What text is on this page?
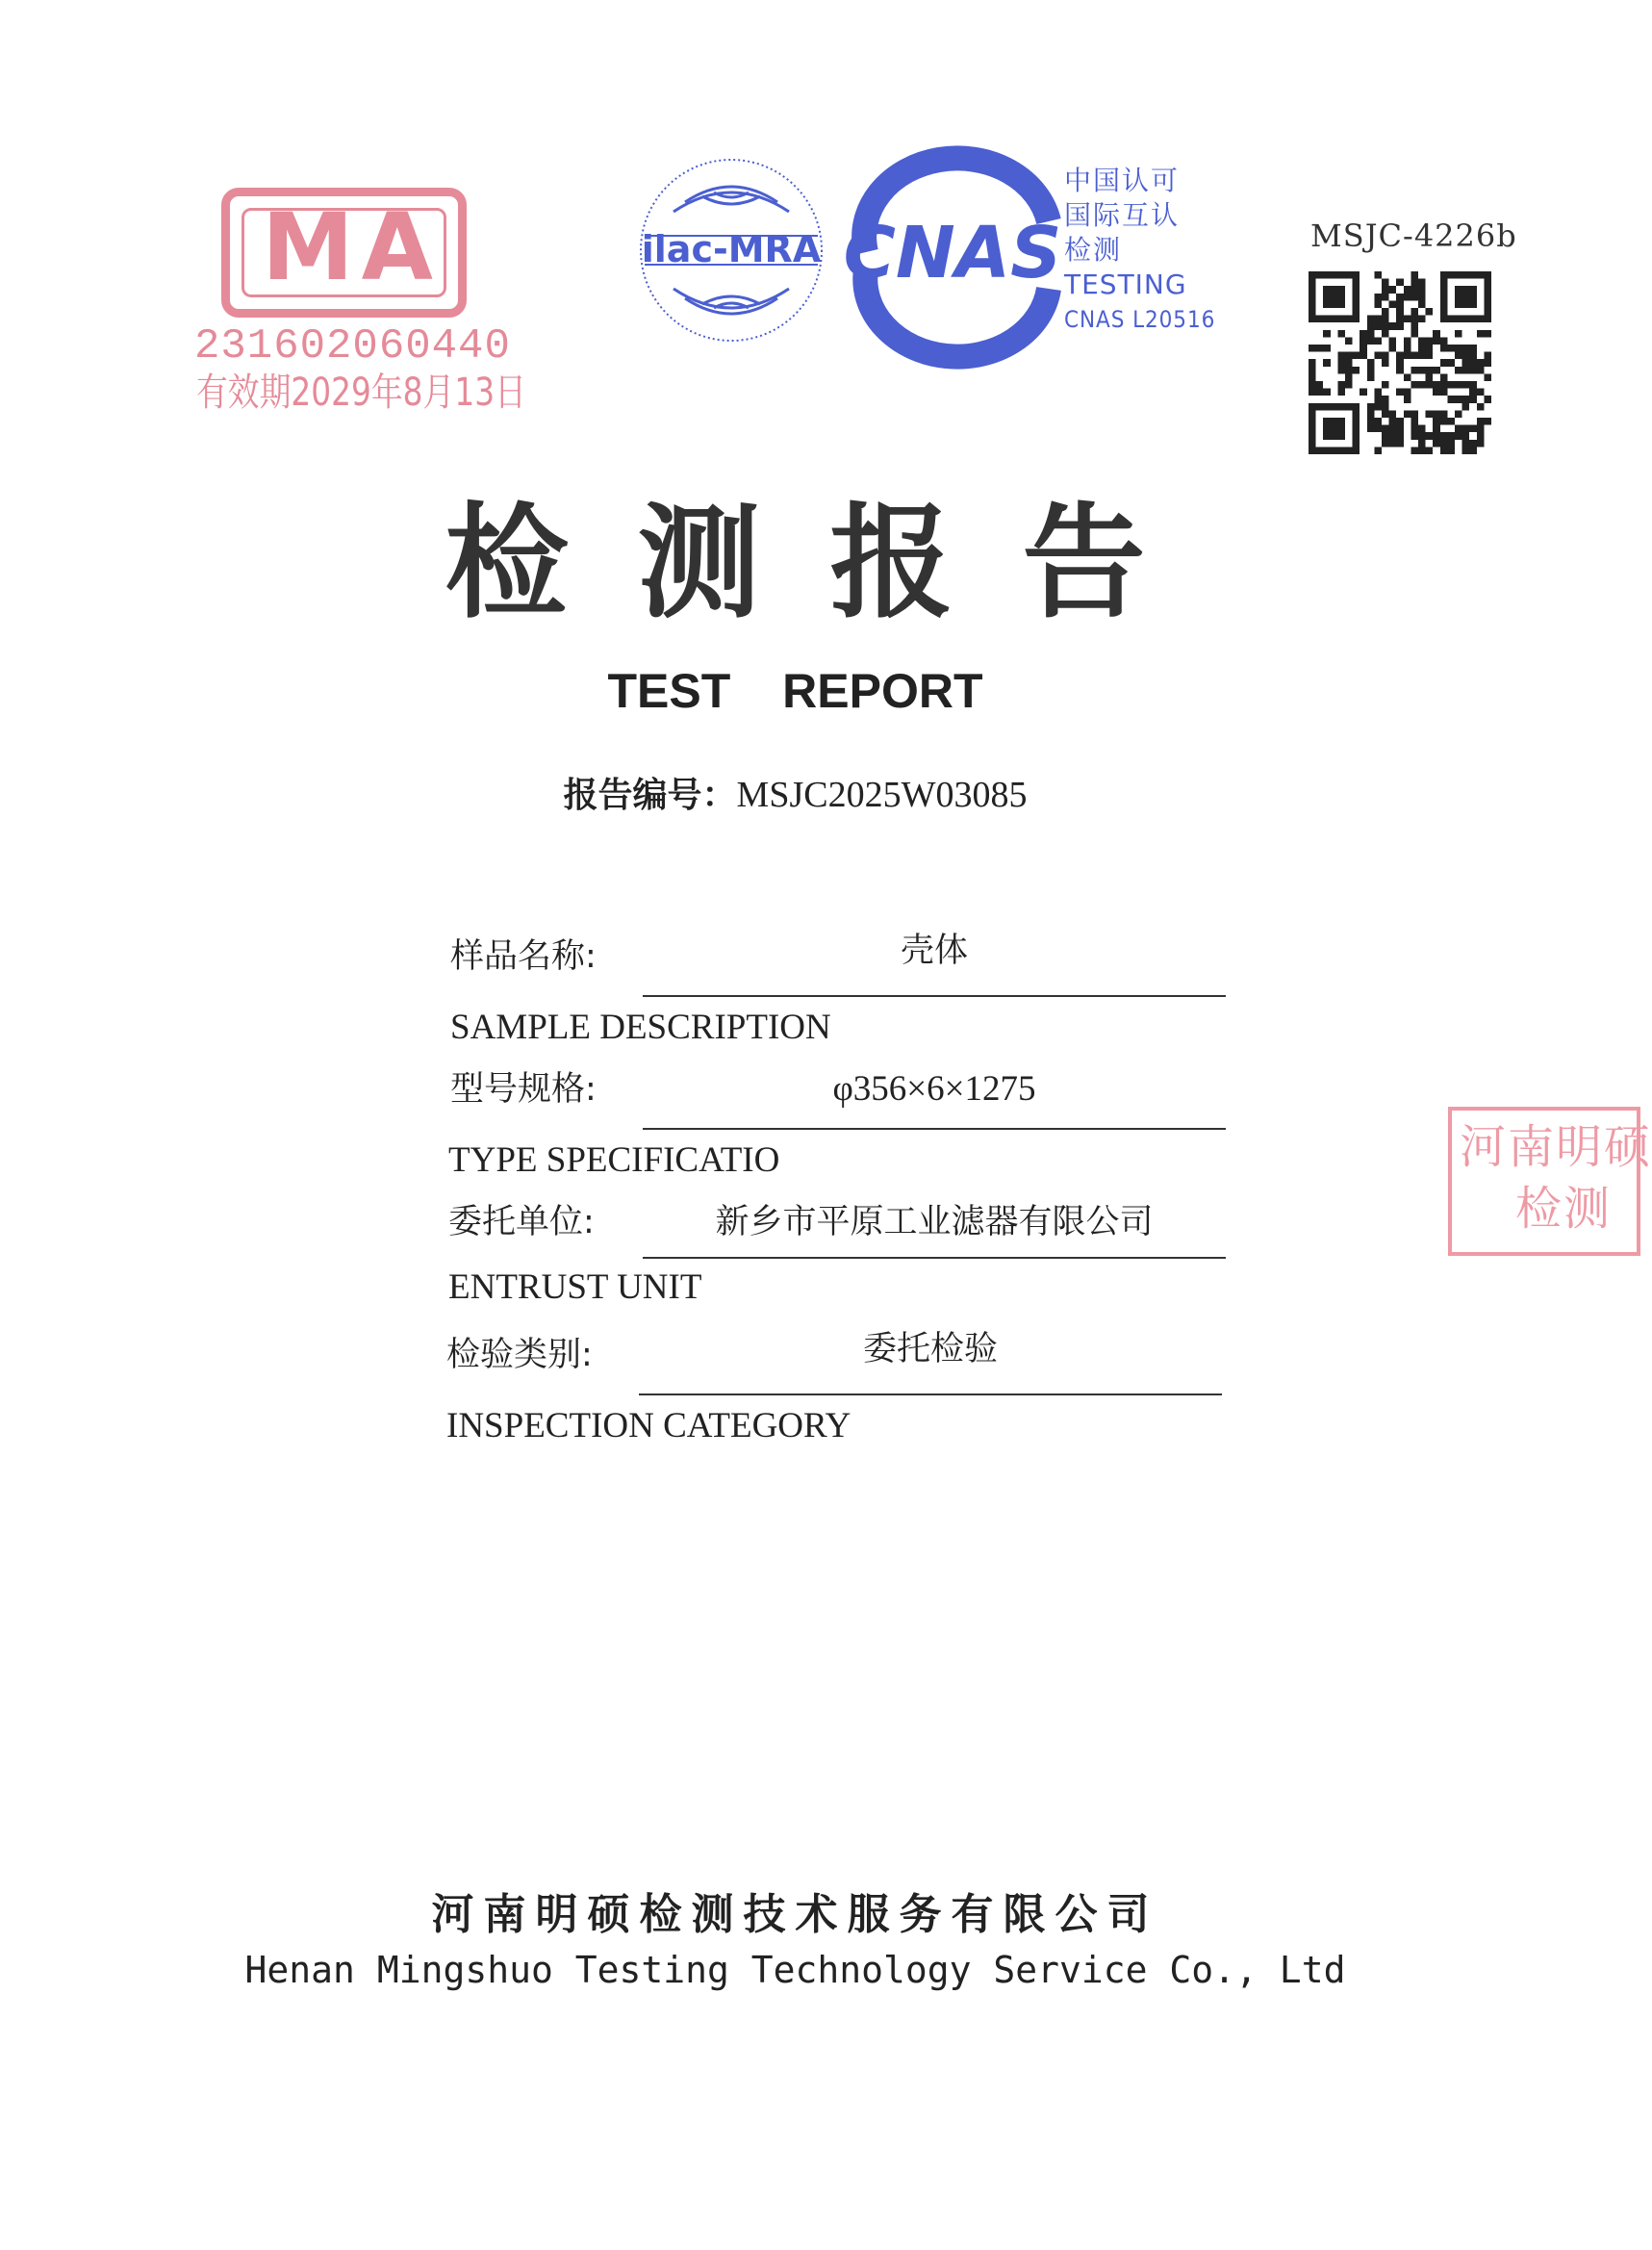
MA
231602060440
有效期2029年8月13日
ilac-MRA CNAS
中国认可
国际互认
检测
TESTING
CNAS L20516
MSJC-4226b
检测报告
TEST REPORT
报告编号：MSJC2025W03085
样品名称:	壳体
SAMPLE DESCRIPTION
型号规格:	φ356×6×1275
TYPE SPECIFICATIO
委托单位:	新乡市平原工业滤器有限公司
ENTRUST UNIT
检验类别:	委托检验
INSPECTION CATEGORY
河南明硕
检测
河南明硕检测技术服务有限公司
Henan Mingshuo Testing Technology Service Co., Ltd
